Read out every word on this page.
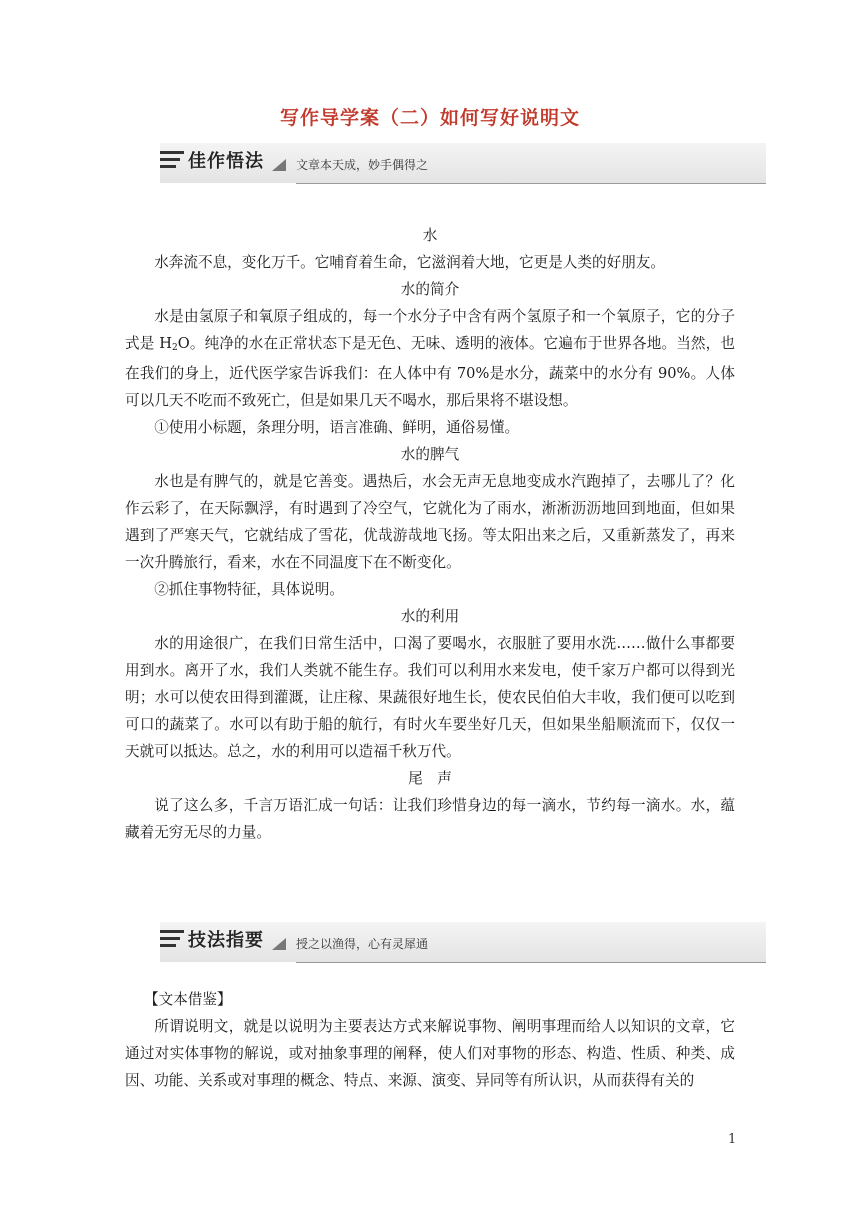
写作导学案（二）如何写好说明文
佳作悟法	文章本天成，妙手偶得之

水

水奔流不息，变化万千。它哺育着生命，它滋润着大地，它更是人类的好朋友。

水的简介

水是由氢原子和氧原子组成的，每一个水分子中含有两个氢原子和一个氧原子，它的分子式是 $H_2O$。纯净的水在正常状态下是无色、无味、透明的液体。它遍布于世界各地。当然，也在我们的身上，近代医学家告诉我们：在人体中有 70%是水分，蔬菜中的水分有 90%。人体可以几天不吃而不致死亡，但是如果几天不喝水，那后果将不堪设想。

①使用小标题，条理分明，语言准确、鲜明，通俗易懂。

水的脾气

水也是有脾气的，就是它善变。遇热后，水会无声无息地变成水汽跑掉了，去哪儿了？化作云彩了，在天际飘浮，有时遇到了冷空气，它就化为了雨水，淅淅沥沥地回到地面，但如果遇到了严寒天气，它就结成了雪花，优哉游哉地飞扬。等太阳出来之后，又重新蒸发了，再来一次升腾旅行，看来，水在不同温度下在不断变化。

②抓住事物特征，具体说明。

水的利用

水的用途很广，在我们日常生活中，口渴了要喝水，衣服脏了要用水洗……做什么事都要用到水。离开了水，我们人类就不能生存。我们可以利用水来发电，使千家万户都可以得到光明；水可以使农田得到灌溉，让庄稼、果蔬很好地生长，使农民伯伯大丰收，我们便可以吃到可口的蔬菜了。水可以有助于船的航行，有时火车要坐好几天，但如果坐船顺流而下，仅仅一天就可以抵达。总之，水的利用可以造福千秋万代。

尾　声

说了这么多，千言万语汇成一句话：让我们珍惜身边的每一滴水，节约每一滴水。水，蕴藏着无穷无尽的力量。

技法指要	授之以渔得，心有灵犀通

【文本借鉴】

所谓说明文，就是以说明为主要表达方式来解说事物、阐明事理而给人以知识的文章，它通过对实体事物的解说，或对抽象事理的阐释，使人们对事物的形态、构造、性质、种类、成因、功能、关系或对事理的概念、特点、来源、演变、异同等有所认识，从而获得有关的

1
